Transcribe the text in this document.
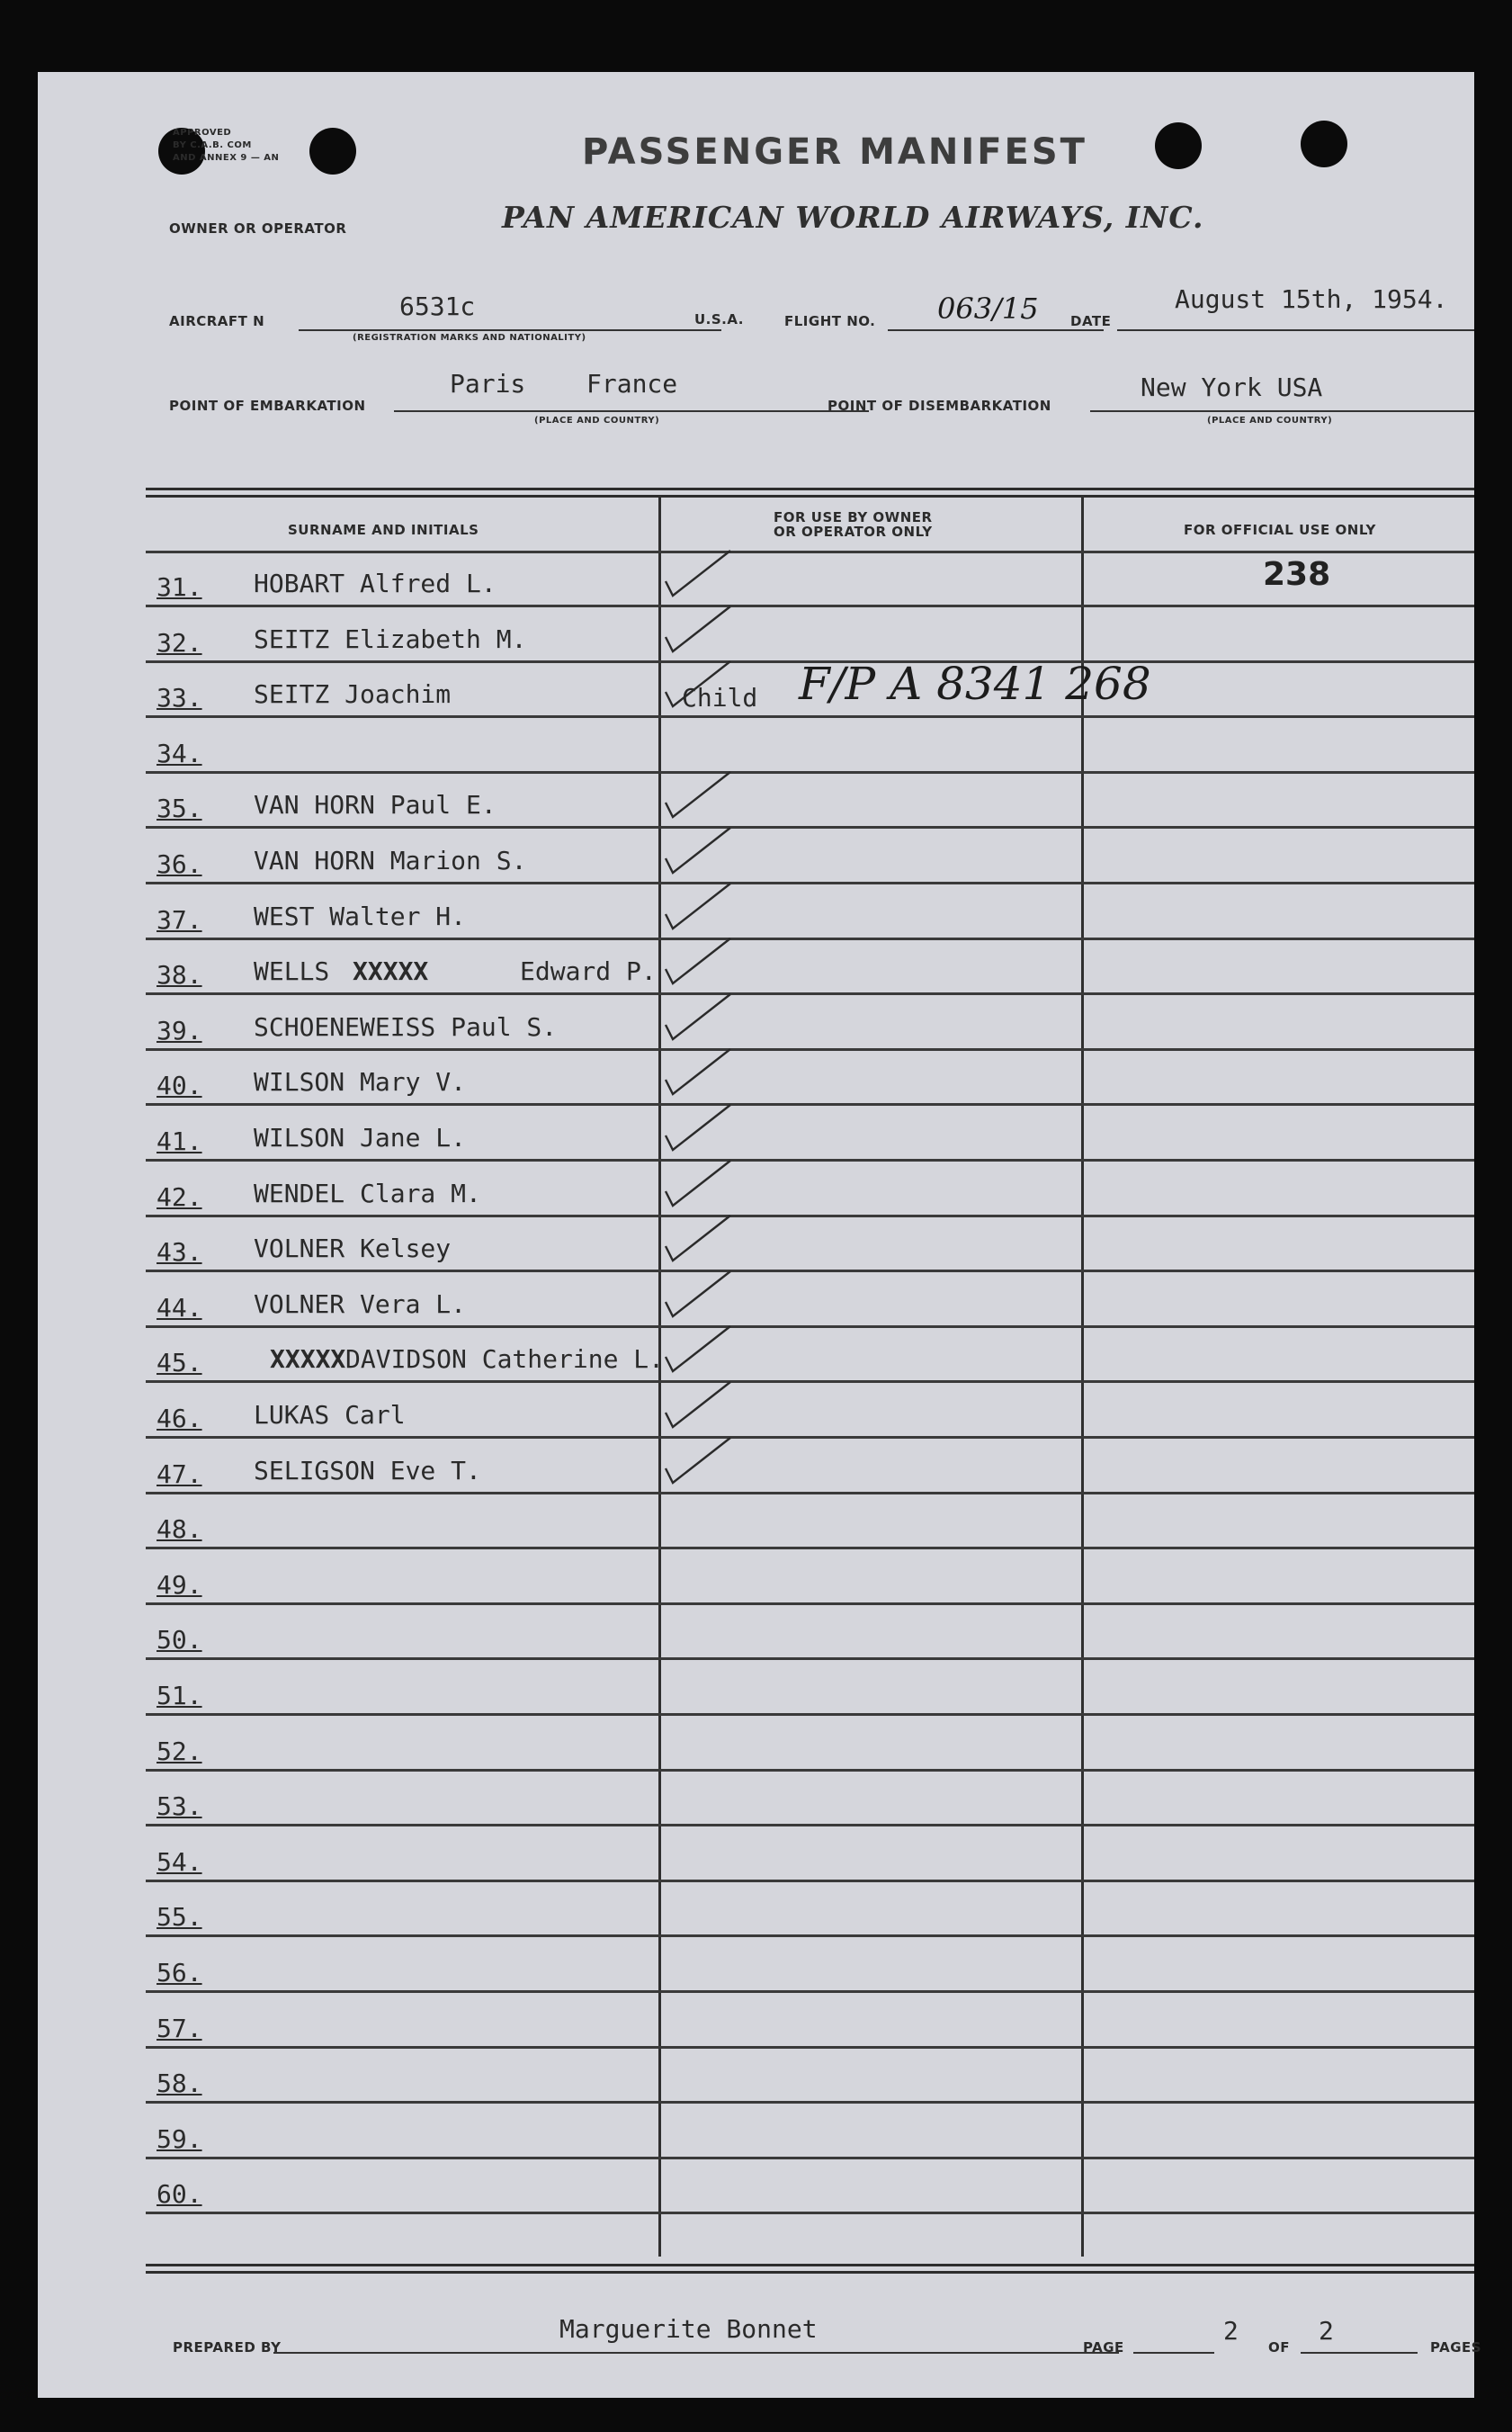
APPROVED
BY C.A.B. COM
AND ANNEX 9 — AN	PASSENGER MANIFEST
OWNER OR OPERATOR	PAN AMERICAN WORLD AIRWAYS, INC.
AIRCRAFT N	6531c
(REGISTRATION MARKS AND NATIONALITY)
U.S.A.	FLIGHT NO. 063/15 DATE
August 15th, 1954.
POINT OF EMBARKATION
Paris France
(PLACE AND COUNTRY)
POINT OF DISEMBARKATION
New York USA
(PLACE AND COUNTRY)
SURNAME AND INITIALS
FOR USE BY OWNER
OR OPERATOR ONLY	FOR OFFICIAL USE ONLY
238
31. HOBART Alfred L.
32. SEITZ Elizabeth M.
33. SEITZ Joachim	Child F/P A 8341 268
34.
35. VAN HORN Paul E.
36. VAN HORN Marion S.
37. WEST Walter H.
38. WELLS XXXXX	Edward P.
39. SCHOENEWEISS Paul S.
40. WILSON Mary V.
41. WILSON Jane L.
42. WENDEL Clara M.
43. VOLNER Kelsey
44. VOLNER Vera L.
45.	XXXXX DAVIDSON Catherine L.
46. LUKAS Carl
47. SELIGSON Eve T.
48.
49.
50.
51.
52.
53.
54.
55.
56.
57.
58.
59.
60.
PREPARED BY
Marguerite Bonnet
PAGE
2
OF
2
PAGES
